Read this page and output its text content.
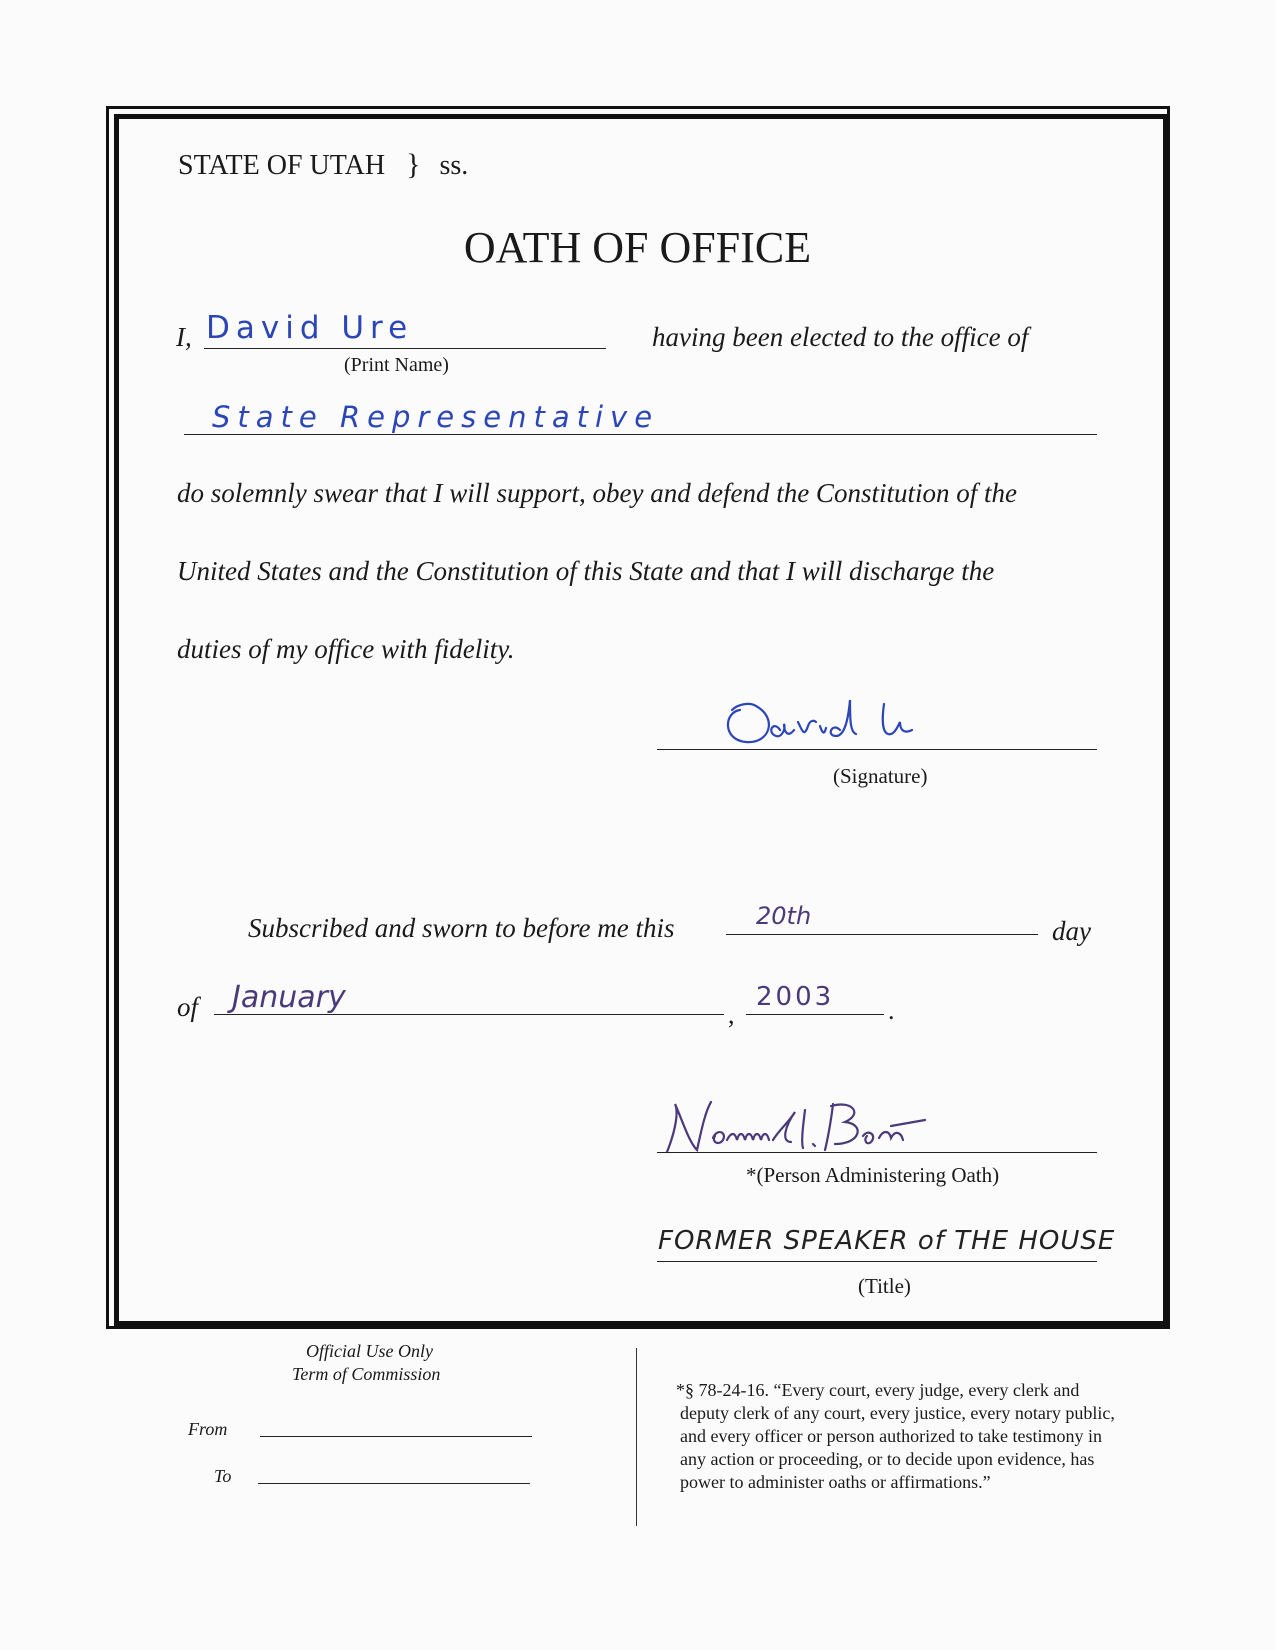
STATE OF UTAH } ss.
OATH OF OFFICE
I, David Ure
(Print Name)
having been elected to the office of
State Representative
do solemnly swear that I will support, obey and defend the Constitution of the
United States and the Constitution of this State and that I will discharge the
duties of my office with fidelity.
(Signature)
Subscribed and sworn to before me this	20th	day
of January	,
2003 .
*(Person Administering Oath)
FORMER SPEAKER of THE HOUSE
(Title)
Official Use Only
Term of Commission
From
To
*§ 78-24-16. “Every court, every judge, every clerk and
deputy clerk of any court, every justice, every notary public,
and every officer or person authorized to take testimony in
any action or proceeding, or to decide upon evidence, has
power to administer oaths or affirmations.”
